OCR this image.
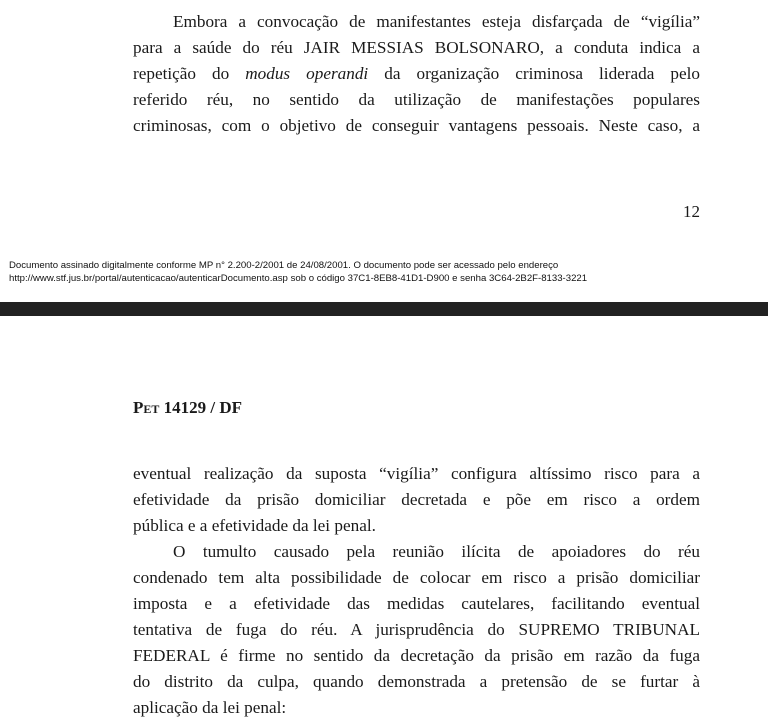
Embora a convocação de manifestantes esteja disfarçada de “vigília”
para a saúde do réu JAIR MESSIAS BOLSONARO, a conduta indica a
repetição do modus operandi da organização criminosa liderada pelo
referido réu, no sentido da utilização de manifestações populares
criminosas, com o objetivo de conseguir vantagens pessoais. Neste caso, a
12
Documento assinado digitalmente conforme MP n° 2.200-2/2001 de 24/08/2001. O documento pode ser acessado pelo endereço
http://www.stf.jus.br/portal/autenticacao/autenticarDocumento.asp sob o código 37C1-8EB8-41D1-D900 e senha 3C64-2B2F-8133-3221
Pet 14129 / DF
eventual realização da suposta “vigília” configura altíssimo risco para a
efetividade da prisão domiciliar decretada e põe em risco a ordem
pública e a efetividade da lei penal.
O tumulto causado pela reunião ilícita de apoiadores do réu
condenado tem alta possibilidade de colocar em risco a prisão domiciliar
imposta e a efetividade das medidas cautelares, facilitando eventual
tentativa de fuga do réu. A jurisprudência do SUPREMO TRIBUNAL
FEDERAL é firme no sentido da decretação da prisão em razão da fuga
do distrito da culpa, quando demonstrada a pretensão de se furtar à
aplicação da lei penal:
